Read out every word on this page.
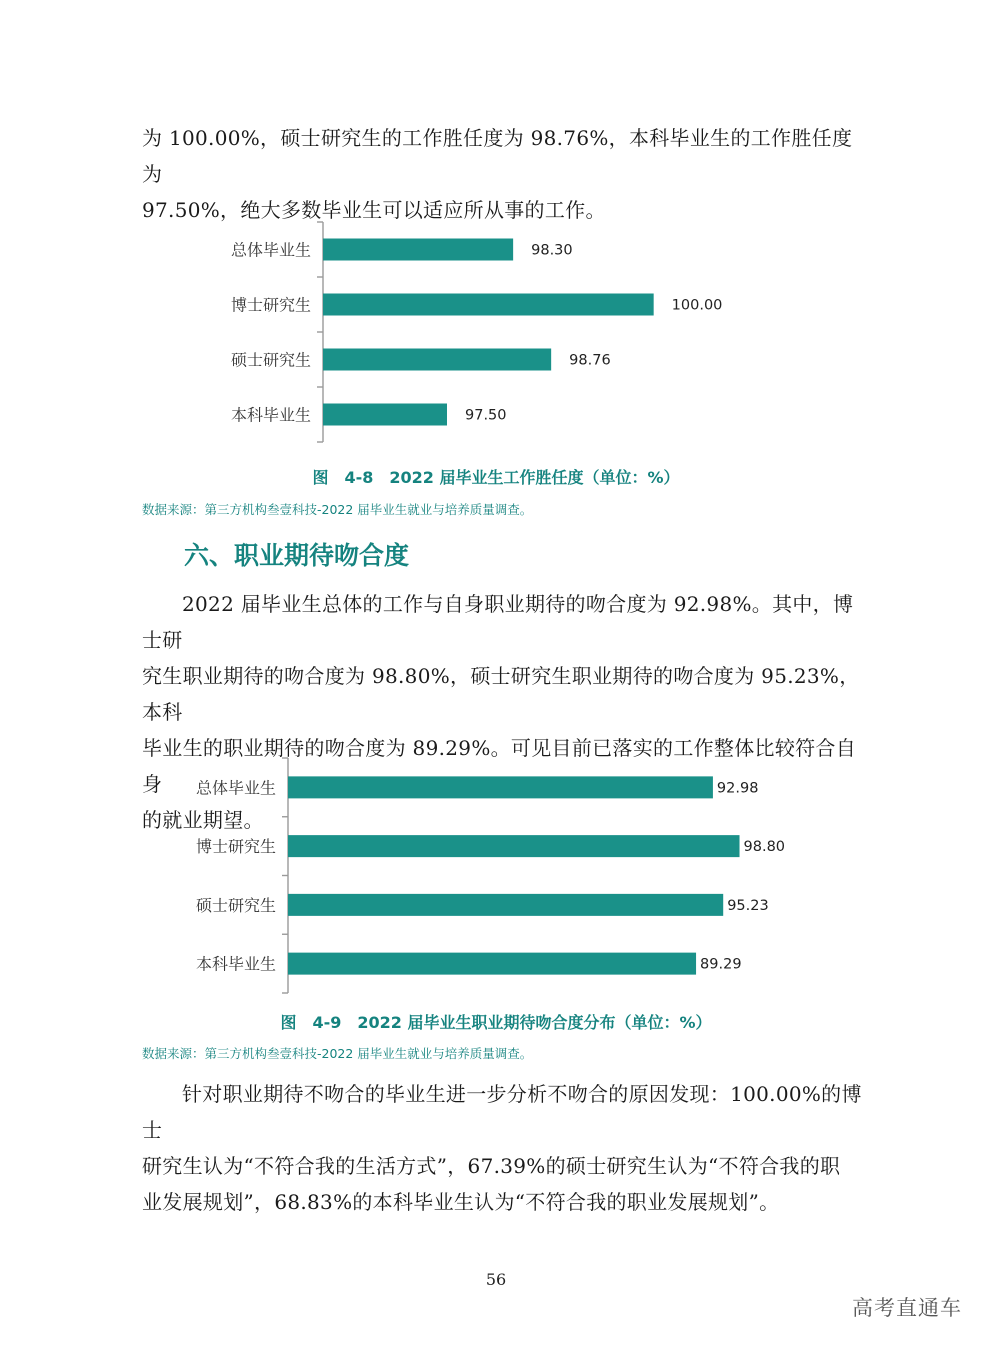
为 100.00%，硕士研究生的工作胜任度为 98.76%，本科毕业生的工作胜任度为
97.50%，绝大多数毕业生可以适应所从事的工作。

总体毕业生	98.30
博士研究生	100.00
硕士研究生	98.76
本科毕业生	97.50
图　4-8　2022 届毕业生工作胜任度（单位：%）
数据来源：第三方机构叁壹科技-2022 届毕业生就业与培养质量调查。
六、职业期待吻合度

2022 届毕业生总体的工作与自身职业期待的吻合度为 92.98%。其中，博士研
究生职业期待的吻合度为 98.80%，硕士研究生职业期待的吻合度为 95.23%，本科
毕业生的职业期待的吻合度为 89.29%。可见目前已落实的工作整体比较符合自身
的就业期望。

总体毕业生	92.98
博士研究生	98.80
硕士研究生	95.23
本科毕业生	89.29
图　4-9　2022 届毕业生职业期待吻合度分布（单位：%）
数据来源：第三方机构叁壹科技-2022 届毕业生就业与培养质量调查。

针对职业期待不吻合的毕业生进一步分析不吻合的原因发现：100.00%的博士
研究生认为“不符合我的生活方式”，67.39%的硕士研究生认为“不符合我的职
业发展规划”，68.83%的本科毕业生认为“不符合我的职业发展规划”。

56
高考直通车
